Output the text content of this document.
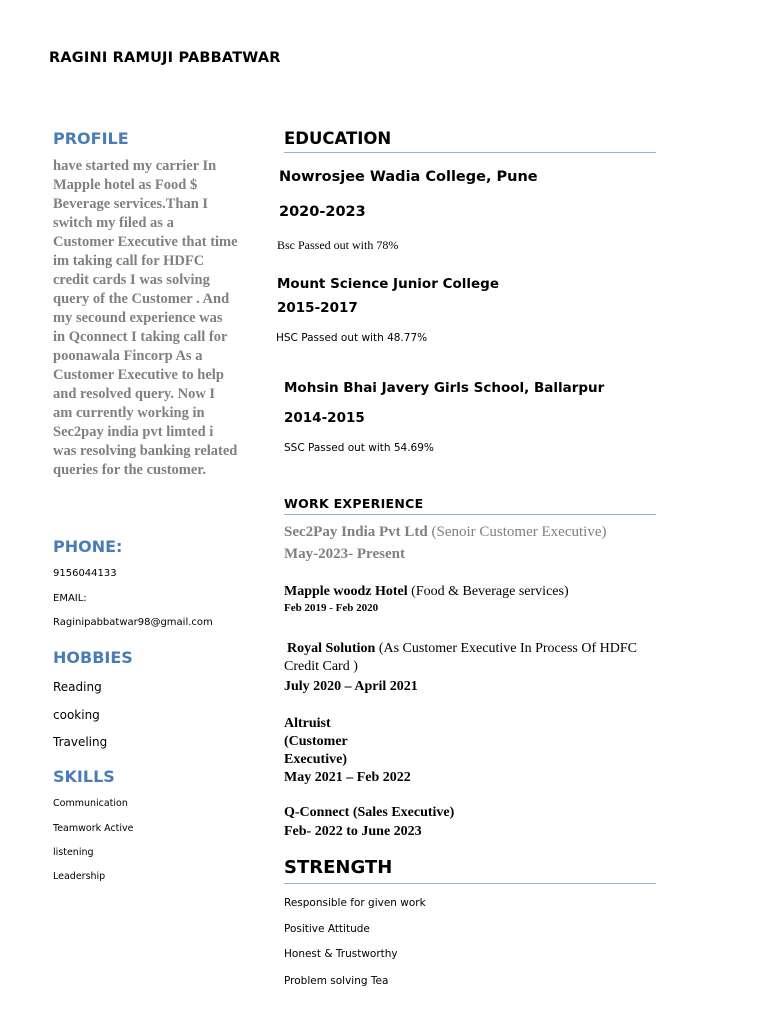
RAGINI RAMUJI PABBATWAR
PROFILE

have started my carrier In Mapple hotel as Food $ Beverage services.Than I switch my filed as a Customer Executive that time im taking call for HDFC credit cards I was solving query of the Customer . And my secound experience was in Qconnect I taking call for poonawala Fincorp As a Customer Executive to help and resolved query. Now I am currently working in Sec2pay india pvt limted i was resolving banking related queries for the customer.

PHONE:
9156044133
EMAIL:
Raginipabbatwar98@gmail.com
HOBBIES
Reading
cooking
Traveling
SKILLS
Communication
Teamwork Active
listening
Leadership
EDUCATION
Nowrosjee Wadia College, Pune
2020-2023
Bsc Passed out with 78%
Mount Science Junior College
2015-2017
HSC Passed out with 48.77%
Mohsin Bhai Javery Girls School, Ballarpur
2014-2015
SSC Passed out with 54.69%
WORK EXPERIENCE
Sec2Pay India Pvt Ltd (Senoir Customer Executive)
May-2023- Present
Mapple woodz Hotel (Food & Beverage services)
Feb 2019 - Feb 2020
Royal Solution (As Customer Executive In Process Of HDFC
Credit Card )
July 2020 – April 2021
Altruist
(Customer
Executive)
May 2021 – Feb 2022
Q-Connect (Sales Executive)
Feb- 2022 to June 2023
STRENGTH
Responsible for given work
Positive Attitude
Honest & Trustworthy
Problem solving Tea
